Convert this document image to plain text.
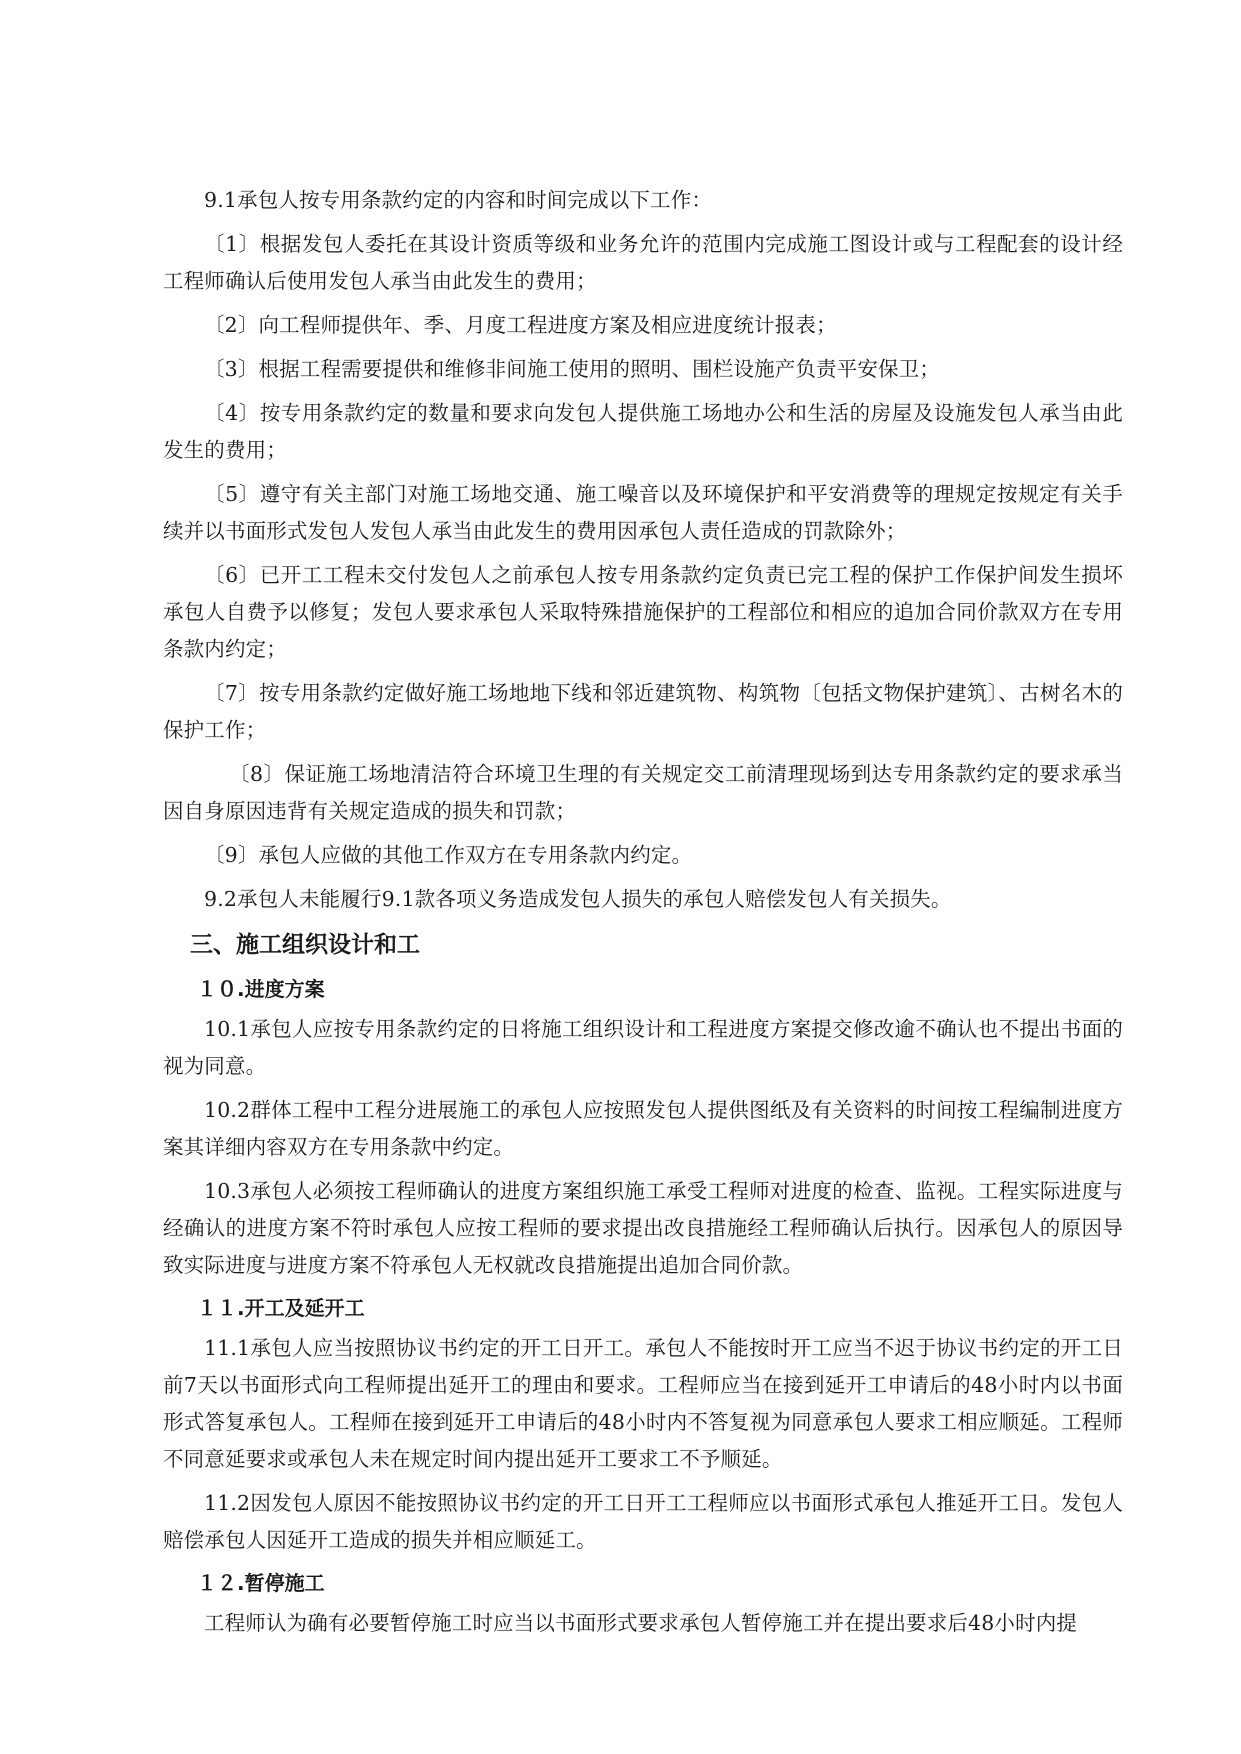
9.1承包人按专用条款约定的内容和时间完成以下工作：

〔1〕根据发包人委托在其设计资质等级和业务允许的范围内完成施工图设计或与工程配套的设计经工程师确认后使用发包人承当由此发生的费用；

〔2〕向工程师提供年、季、月度工程进度方案及相应进度统计报表；

〔3〕根据工程需要提供和维修非间施工使用的照明、围栏设施产负责平安保卫；

〔4〕按专用条款约定的数量和要求向发包人提供施工场地办公和生活的房屋及设施发包人承当由此发生的费用；

〔5〕遵守有关主部门对施工场地交通、施工噪音以及环境保护和平安消费等的理规定按规定有关手续并以书面形式发包人发包人承当由此发生的费用因承包人责任造成的罚款除外；

〔6〕已开工工程未交付发包人之前承包人按专用条款约定负责已完工程的保护工作保护间发生损坏承包人自费予以修复；发包人要求承包人采取特殊措施保护的工程部位和相应的追加合同价款双方在专用条款内约定；

〔7〕按专用条款约定做好施工场地地下线和邻近建筑物、构筑物〔包括文物保护建筑〕、古树名木的保护工作；

〔8〕保证施工场地清洁符合环境卫生理的有关规定交工前清理现场到达专用条款约定的要求承当因自身原因违背有关规定造成的损失和罚款；

〔9〕承包人应做的其他工作双方在专用条款内约定。

9.2承包人未能履行9.1款各项义务造成发包人损失的承包人赔偿发包人有关损失。

三、施工组织设计和工
１０.进度方案

10.1承包人应按专用条款约定的日将施工组织设计和工程进度方案提交修改逾不确认也不提出书面的视为同意。

10.2群体工程中工程分进展施工的承包人应按照发包人提供图纸及有关资料的时间按工程编制进度方案其详细内容双方在专用条款中约定。

10.3承包人必须按工程师确认的进度方案组织施工承受工程师对进度的检查、监视。工程实际进度与经确认的进度方案不符时承包人应按工程师的要求提出改良措施经工程师确认后执行。因承包人的原因导致实际进度与进度方案不符承包人无权就改良措施提出追加合同价款。

１１.开工及延开工

11.1承包人应当按照协议书约定的开工日开工。承包人不能按时开工应当不迟于协议书约定的开工日前7天以书面形式向工程师提出延开工的理由和要求。工程师应当在接到延开工申请后的48小时内以书面形式答复承包人。工程师在接到延开工申请后的48小时内不答复视为同意承包人要求工相应顺延。工程师不同意延要求或承包人未在规定时间内提出延开工要求工不予顺延。

11.2因发包人原因不能按照协议书约定的开工日开工工程师应以书面形式承包人推延开工日。发包人赔偿承包人因延开工造成的损失并相应顺延工。

１２.暂停施工

工程师认为确有必要暂停施工时应当以书面形式要求承包人暂停施工并在提出要求后48小时内提
